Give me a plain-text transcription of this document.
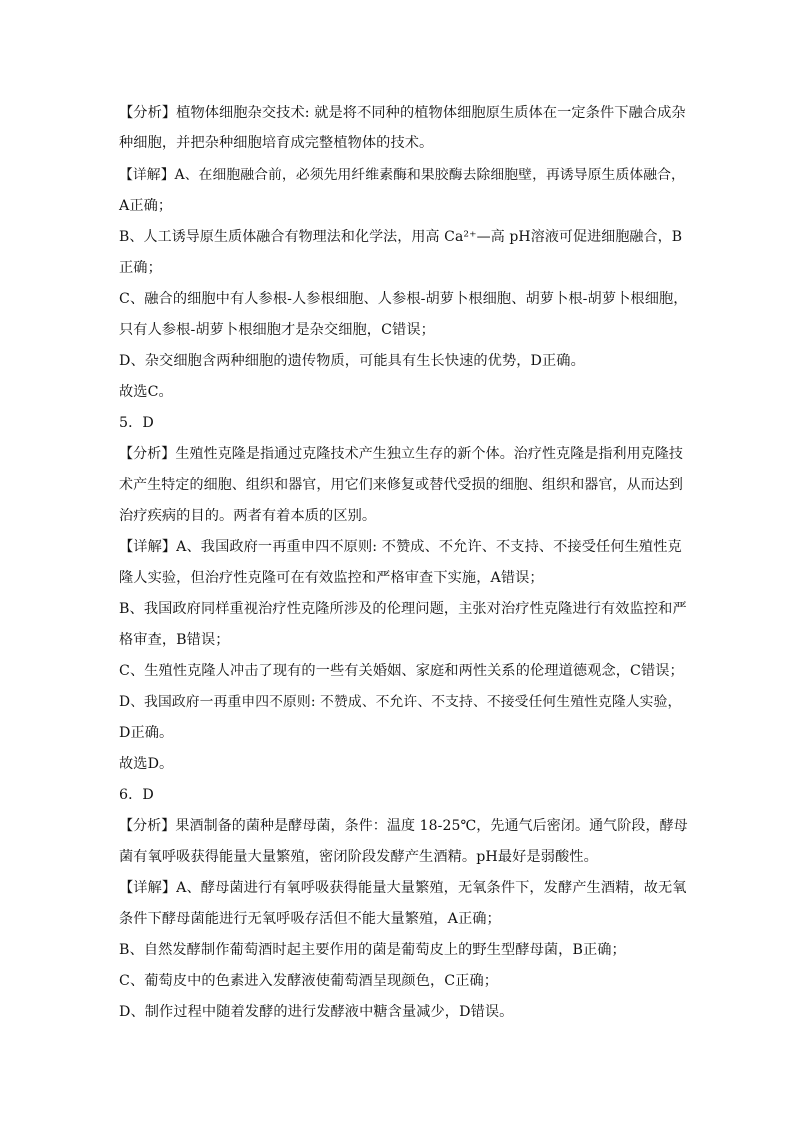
【分析】植物体细胞杂交技术: 就是将不同种的植物体细胞原生质体在一定条件下融合成杂
种细胞，并把杂种细胞培育成完整植物体的技术。
【详解】A、在细胞融合前，必须先用纤维素酶和果胶酶去除细胞壁，再诱导原生质体融合，
A正确；
B、人工诱导原生质体融合有物理法和化学法，用高 Ca²⁺—高 pH溶液可促进细胞融合，B
正确；
C、融合的细胞中有人参根-人参根细胞、人参根-胡萝卜根细胞、胡萝卜根-胡萝卜根细胞，
只有人参根-胡萝卜根细胞才是杂交细胞，C错误；
D、杂交细胞含两种细胞的遗传物质，可能具有生长快速的优势，D正确。
故选C。
5．D
【分析】生殖性克隆是指通过克隆技术产生独立生存的新个体。治疗性克隆是指利用克隆技
术产生特定的细胞、组织和器官，用它们来修复或替代受损的细胞、组织和器官，从而达到
治疗疾病的目的。两者有着本质的区别。
【详解】A、我国政府一再重申四不原则: 不赞成、不允许、不支持、不接受任何生殖性克
隆人实验，但治疗性克隆可在有效监控和严格审查下实施，A错误；
B、我国政府同样重视治疗性克隆所涉及的伦理问题，主张对治疗性克隆进行有效监控和严
格审查，B错误；
C、生殖性克隆人冲击了现有的一些有关婚姻、家庭和两性关系的伦理道德观念，C错误；
D、我国政府一再重申四不原则: 不赞成、不允许、不支持、不接受任何生殖性克隆人实验，
D正确。
故选D。
6．D
【分析】果酒制备的菌种是酵母菌，条件：温度 18-25℃，先通气后密闭。通气阶段，酵母
菌有氧呼吸获得能量大量繁殖，密闭阶段发酵产生酒精。pH最好是弱酸性。
【详解】A、酵母菌进行有氧呼吸获得能量大量繁殖，无氧条件下，发酵产生酒精，故无氧
条件下酵母菌能进行无氧呼吸存活但不能大量繁殖，A正确；
B、自然发酵制作葡萄酒时起主要作用的菌是葡萄皮上的野生型酵母菌，B正确；
C、葡萄皮中的色素进入发酵液使葡萄酒呈现颜色，C正确；
D、制作过程中随着发酵的进行发酵液中糖含量减少，D错误。
